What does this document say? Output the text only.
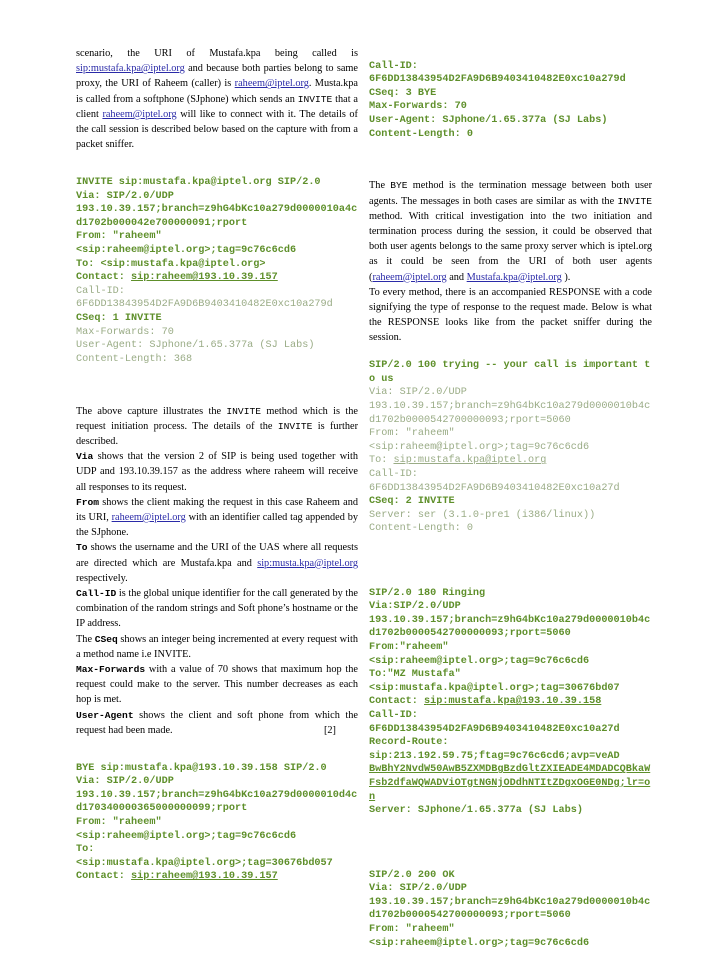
scenario, the URI of Mustafa.kpa being called is sip:mustafa.kpa@iptel.org and because both parties belong to same proxy, the URI of Raheem (caller) is raheem@iptel.org. Musta.kpa is called from a softphone (SJphone) which sends an INVITE that a client raheem@iptel.org will like to connect with it. The details of the call session is described below based on the capture with from a packet sniffer.

INVITE sip:mustafa.kpa@iptel.org SIP/2.0
Via: SIP/2.0/UDP
193.10.39.157;branch=z9hG4bKc10a279d0000010a4cd1702b000042e700000091;rport
From: "raheem"
<sip:raheem@iptel.org>;tag=9c76c6cd6
To: <sip:mustafa.kpa@iptel.org>
Contact: sip:raheem@193.10.39.157
Call-ID:
6F6DD13843954D2FA9D6B9403410482E0xc10a279d
CSeq: 1 INVITE
Max-Forwards: 70
User-Agent: SJphone/1.65.377a (SJ Labs)
Content-Length: 368

The above capture illustrates the INVITE method which is the request initiation process. The details of the INVITE is further described.

Via shows that the version 2 of SIP is being used together with UDP and 193.10.39.157 as the address where raheem will receive all responses to its request.

From shows the client making the request in this case Raheem and its URI, raheem@iptel.org with an identifier called tag appended by the SJphone.

To shows the username and the URI of the UAS where all requests are directed which are Mustafa.kpa and sip:musta.kpa@iptel.org respectively.

Call-ID is the global unique identifier for the call generated by the combination of the random strings and Soft phone’s hostname or the IP address.

The CSeq shows an integer being incremented at every request with a method name i.e INVITE.

Max-Forwards with a value of 70 shows that maximum hop the request could make to the server. This number decreases as each hop is met.

User-Agent shows the client and soft phone from which the request had been made.	[2]

BYE sip:mustafa.kpa@193.10.39.158 SIP/2.0
Via: SIP/2.0/UDP
193.10.39.157;branch=z9hG4bKc10a279d0000010d4cd170340000365000000099;rport
From: "raheem"
<sip:raheem@iptel.org>;tag=9c76c6cd6
To:
<sip:mustafa.kpa@iptel.org>;tag=30676bd057
Contact: sip:raheem@193.10.39.157

Call-ID:
6F6DD13843954D2FA9D6B9403410482E0xc10a279d
CSeq: 3 BYE
Max-Forwards: 70
User-Agent: SJphone/1.65.377a (SJ Labs)
Content-Length: 0

The BYE method is the termination message between both user agents. The messages in both cases are similar as with the INVITE method. With critical investigation into the two initiation and termination process during the session, it could be observed that both user agents belongs to the same proxy server which is iptel.org as it could be seen from the URI of both user agents (raheem@iptel.org and Mustafa.kpa@iptel.org ).

To every method, there is an accompanied RESPONSE with a code signifying the type of response to the request made. Below is what the RESPONSE looks like from the packet sniffer during the session.

SIP/2.0 100 trying -- your call is important to us
Via: SIP/2.0/UDP
193.10.39.157;branch=z9hG4bKc10a279d0000010b4cd1702b0000542700000093;rport=5060
From: "raheem"
<sip:raheem@iptel.org>;tag=9c76c6cd6
To: sip:mustafa.kpa@iptel.org
Call-ID:
6F6DD13843954D2FA9D6B9403410482E0xc10a27d
CSeq: 2 INVITE
Server: ser (3.1.0-pre1 (i386/linux))
Content-Length: 0

SIP/2.0 180 Ringing
Via:SIP/2.0/UDP
193.10.39.157;branch=z9hG4bKc10a279d0000010b4cd1702b0000542700000093;rport=5060
From:"raheem"
<sip:raheem@iptel.org>;tag=9c76c6cd6
To:"MZ Mustafa"
<sip:mustafa.kpa@iptel.org>;tag=30676bd07
Contact: sip:mustafa.kpa@193.10.39.158
Call-ID:
6F6DD13843954D2FA9D6B9403410482E0xc10a27d
Record-Route:
sip:213.192.59.75;ftag=9c76c6cd6;avp=veAD
BwBhY2NvdW50AwB5ZXMDBgBzdGltZXIEADE4MDADCQBkaWFsb2dfaWQWADViOTgtNGNjODdhNTItZDgxOGE0NDg;lr=on
Server: SJphone/1.65.377a (SJ Labs)

SIP/2.0 200 OK
Via: SIP/2.0/UDP
193.10.39.157;branch=z9hG4bKc10a279d0000010b4cd1702b0000542700000093;rport=5060
From: "raheem"
<sip:raheem@iptel.org>;tag=9c76c6cd6
